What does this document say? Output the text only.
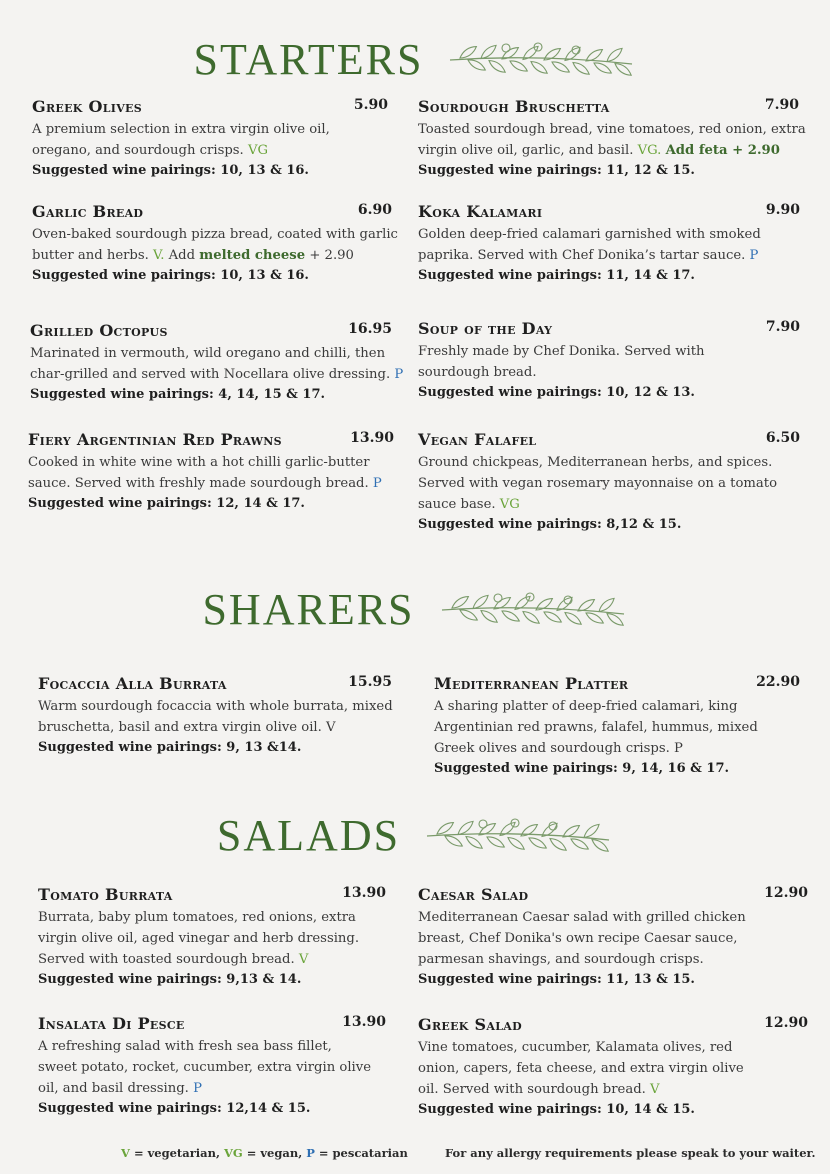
STARTERS
Greek Olives	5.90
A premium selection in extra virgin olive oil, oregano, and sourdough crisps. VG
Suggested wine pairings: 10, 13 & 16.
Sourdough Bruschetta	7.90
Toasted sourdough bread, vine tomatoes, red onion, extra virgin olive oil, garlic, and basil. VG. Add feta + 2.90
Suggested wine pairings: 11, 12 & 15.
Garlic Bread	6.90
Oven-baked sourdough pizza bread, coated with garlic butter and herbs. V. Add melted cheese + 2.90
Suggested wine pairings: 10, 13 & 16.
Koka Kalamari	9.90
Golden deep-fried calamari garnished with smoked paprika. Served with Chef Donika’s tartar sauce. P
Suggested wine pairings: 11, 14 & 17.
Grilled Octopus	16.95
Marinated in vermouth, wild oregano and chilli, then char-grilled and served with Nocellara olive dressing. P
Suggested wine pairings: 4, 14, 15 & 17.
Soup of the Day	7.90
Freshly made by Chef Donika. Served with sourdough bread.
Suggested wine pairings: 10, 12 & 13.
Fiery Argentinian Red Prawns	13.90
Cooked in white wine with a hot chilli garlic-butter sauce. Served with freshly made sourdough bread. P
Suggested wine pairings: 12, 14 & 17.
Vegan Falafel	6.50
Ground chickpeas, Mediterranean herbs, and spices. Served with vegan rosemary mayonnaise on a tomato sauce base. VG
Suggested wine pairings: 8,12 & 15.
SHARERS
Focaccia Alla Burrata	15.95
Warm sourdough focaccia with whole burrata, mixed bruschetta, basil and extra virgin olive oil. V
Suggested wine pairings: 9, 13 &14.
Mediterranean Platter	22.90
A sharing platter of deep-fried calamari, king Argentinian red prawns, falafel, hummus, mixed Greek olives and sourdough crisps. P
Suggested wine pairings: 9, 14, 16 & 17.
SALADS
Tomato Burrata	13.90
Burrata, baby plum tomatoes, red onions, extra virgin olive oil, aged vinegar and herb dressing. Served with toasted sourdough bread. V
Suggested wine pairings: 9,13 & 14.
Caesar Salad	12.90
Mediterranean Caesar salad with grilled chicken breast, Chef Donika's own recipe Caesar sauce, parmesan shavings, and sourdough crisps.
Suggested wine pairings: 11, 13 & 15.
Insalata Di Pesce	13.90
A refreshing salad with fresh sea bass fillet, sweet potato, rocket, cucumber, extra virgin olive oil, and basil dressing. P
Suggested wine pairings: 12,14 & 15.
Greek Salad	12.90
Vine tomatoes, cucumber, Kalamata olives, red onion, capers, feta cheese, and extra virgin olive oil. Served with sourdough bread. V
Suggested wine pairings: 10, 14 & 15.
V = vegetarian, VG = vegan, P = pescatarian	For any allergy requirements please speak to your waiter.
